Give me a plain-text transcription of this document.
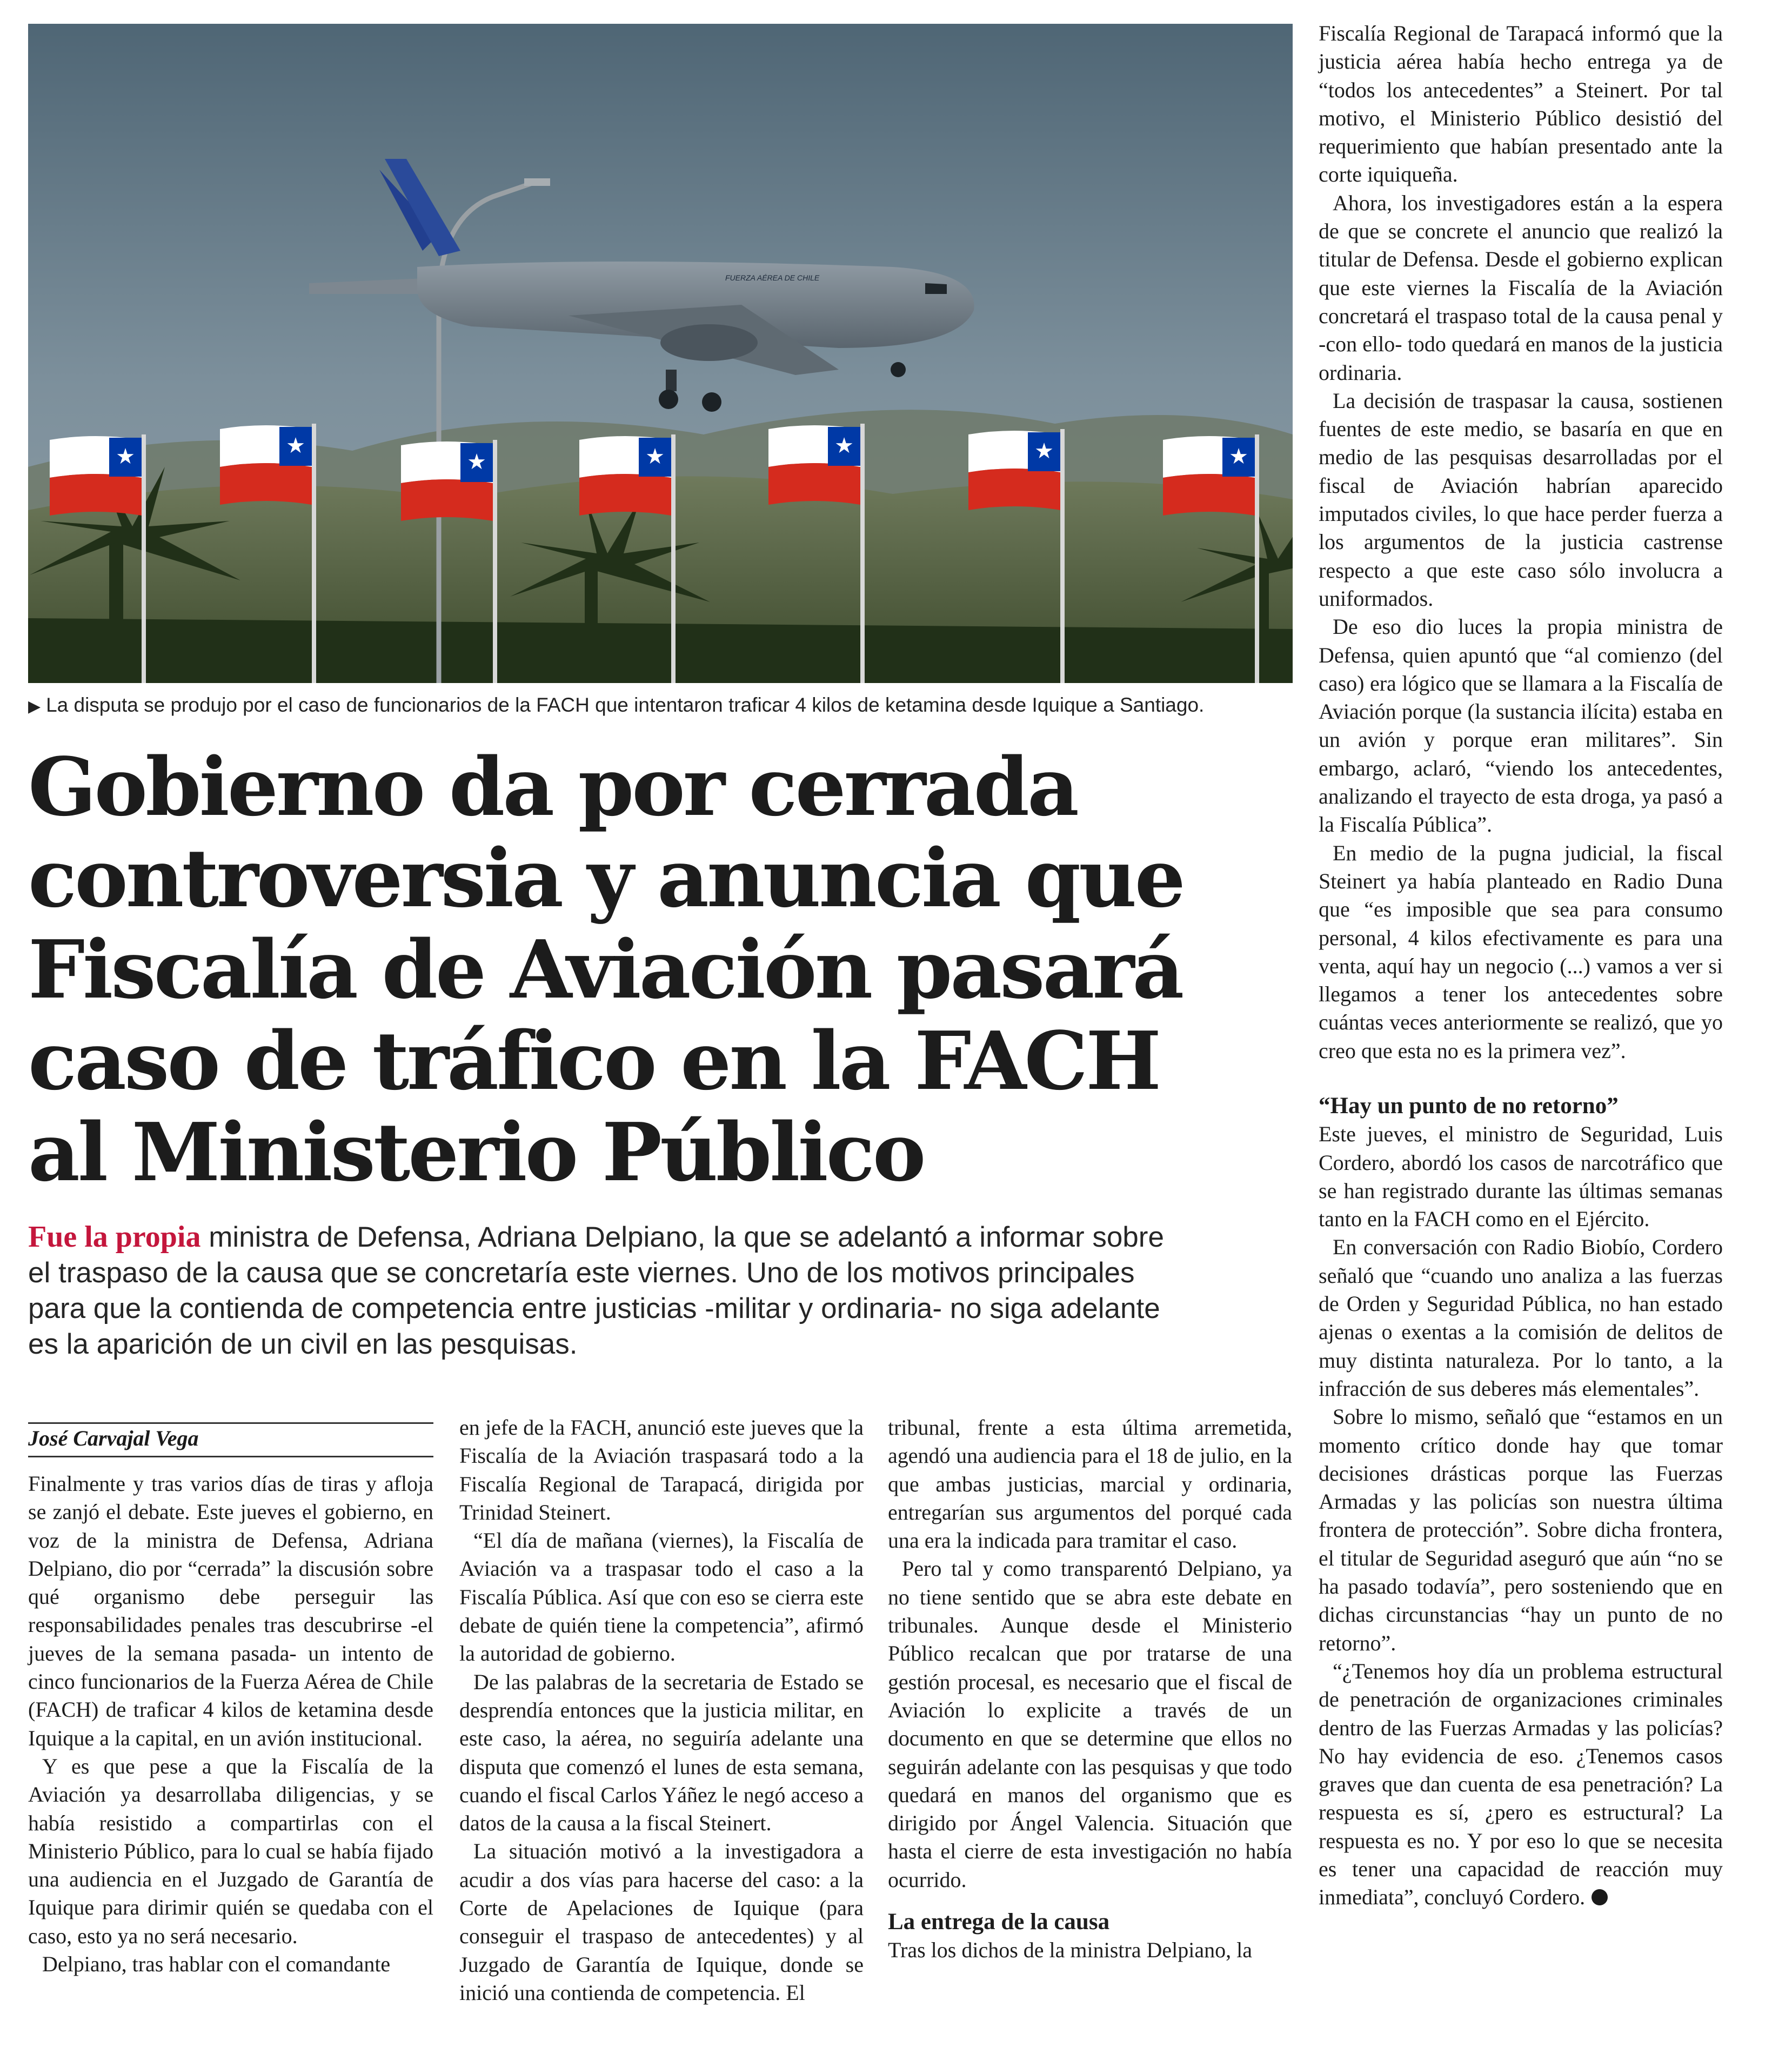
★	★
★	★	★	★	★
FUERZA AÉREA DE CHILE
▶ La disputa se produjo por el caso de funcionarios de la FACH que intentaron traficar 4 kilos de ketamina desde Iquique a Santiago.
Gobierno da por cerrada
controversia y anuncia que
Fiscalía de Aviación pasará
caso de tráfico en la FACH
al Ministerio Público

Fue la propia ministra de Defensa, Adriana Delpiano, la que se adelantó a informar sobre el traspaso de la causa que se concretaría este viernes. Uno de los motivos principales para que la contienda de competencia entre justicias -militar y ordinaria- no siga adelante es la aparición de un civil en las pesquisas.

José Carvajal Vega

Finalmente y tras varios días de tiras y afloja se zanjó el debate. Este jueves el gobierno, en voz de la ministra de Defensa, Adriana Delpiano, dio por “cerrada” la discusión sobre qué organismo debe perseguir las responsabilidades penales tras descubrirse -el jueves de la semana pasada- un intento de cinco funcionarios de la Fuerza Aérea de Chile (FACH) de traficar 4 kilos de ketamina desde Iquique a la capital, en un avión institucional.

Y es que pese a que la Fiscalía de la Aviación ya desarrollaba diligencias, y se había resistido a compartirlas con el Ministerio Público, para lo cual se había fijado una audiencia en el Juzgado de Garantía de Iquique para dirimir quién se quedaba con el caso, esto ya no será necesario.

Delpiano, tras hablar con el comandante

en jefe de la FACH, anunció este jueves que la Fiscalía de la Aviación traspasará todo a la Fiscalía Regional de Tarapacá, dirigida por Trinidad Steinert.

“El día de mañana (viernes), la Fiscalía de Aviación va a traspasar todo el caso a la Fiscalía Pública. Así que con eso se cierra este debate de quién tiene la competencia”, afirmó la autoridad de gobierno.

De las palabras de la secretaria de Estado se desprendía entonces que la justicia militar, en este caso, la aérea, no seguiría adelante una disputa que comenzó el lunes de esta semana, cuando el fiscal Carlos Yáñez le negó acceso a datos de la causa a la fiscal Steinert.

La situación motivó a la investigadora a acudir a dos vías para hacerse del caso: a la Corte de Apelaciones de Iquique (para conseguir el traspaso de antecedentes) y al Juzgado de Garantía de Iquique, donde se inició una contienda de competencia. El

tribunal, frente a esta última arremetida, agendó una audiencia para el 18 de julio, en la que ambas justicias, marcial y ordinaria, entregarían sus argumentos del porqué cada una era la indicada para tramitar el caso.

Pero tal y como transparentó Delpiano, ya no tiene sentido que se abra este debate en tribunales. Aunque desde el Ministerio Público recalcan que por tratarse de una gestión procesal, es necesario que el fiscal de Aviación lo explicite a través de un documento en que se determine que ellos no seguirán adelante con las pesquisas y que todo quedará en manos del organismo que es dirigido por Ángel Valencia. Situación que hasta el cierre de esta investigación no había ocurrido.

La entrega de la causa

Tras los dichos de la ministra Delpiano, la

Fiscalía Regional de Tarapacá informó que la justicia aérea había hecho entrega ya de “todos los antecedentes” a Steinert. Por tal motivo, el Ministerio Público desistió del requerimiento que habían presentado ante la corte iquiqueña.

Ahora, los investigadores están a la espera de que se concrete el anuncio que realizó la titular de Defensa. Desde el gobierno explican que este viernes la Fiscalía de la Aviación concretará el traspaso total de la causa penal y -con ello- todo quedará en manos de la justicia ordinaria.

La decisión de traspasar la causa, sostienen fuentes de este medio, se basaría en que en medio de las pesquisas desarrolladas por el fiscal de Aviación habrían aparecido imputados civiles, lo que hace perder fuerza a los argumentos de la justicia castrense respecto a que este caso sólo involucra a uniformados.

De eso dio luces la propia ministra de Defensa, quien apuntó que “al comienzo (del caso) era lógico que se llamara a la Fiscalía de Aviación porque (la sustancia ilícita) estaba en un avión y porque eran militares”. Sin embargo, aclaró, “viendo los antecedentes, analizando el trayecto de esta droga, ya pasó a la Fiscalía Pública”.

En medio de la pugna judicial, la fiscal Steinert ya había planteado en Radio Duna que “es imposible que sea para consumo personal, 4 kilos efectivamente es para una venta, aquí hay un negocio (...) vamos a ver si llegamos a tener los antecedentes sobre cuántas veces anteriormente se realizó, que yo creo que esta no es la primera vez”.

“Hay un punto de no retorno”

Este jueves, el ministro de Seguridad, Luis Cordero, abordó los casos de narcotráfico que se han registrado durante las últimas semanas tanto en la FACH como en el Ejército.

En conversación con Radio Biobío, Cordero señaló que “cuando uno analiza a las fuerzas de Orden y Seguridad Pública, no han estado ajenas o exentas a la comisión de delitos de muy distinta naturaleza. Por lo tanto, a la infracción de sus deberes más elementales”.

Sobre lo mismo, señaló que “estamos en un momento crítico donde hay que tomar decisiones drásticas porque las Fuerzas Armadas y las policías son nuestra última frontera de protección”. Sobre dicha frontera, el titular de Seguridad aseguró que aún “no se ha pasado todavía”, pero sosteniendo que en dichas circunstancias “hay un punto de no retorno”.

“¿Tenemos hoy día un problema estructural de penetración de organizaciones criminales dentro de las Fuerzas Armadas y las policías? No hay evidencia de eso. ¿Tenemos casos graves que dan cuenta de esa penetración? La respuesta es sí, ¿pero es estructural? La respuesta es no. Y por eso lo que se necesita es tener una capacidad de reacción muy inmediata”, concluyó Cordero.
